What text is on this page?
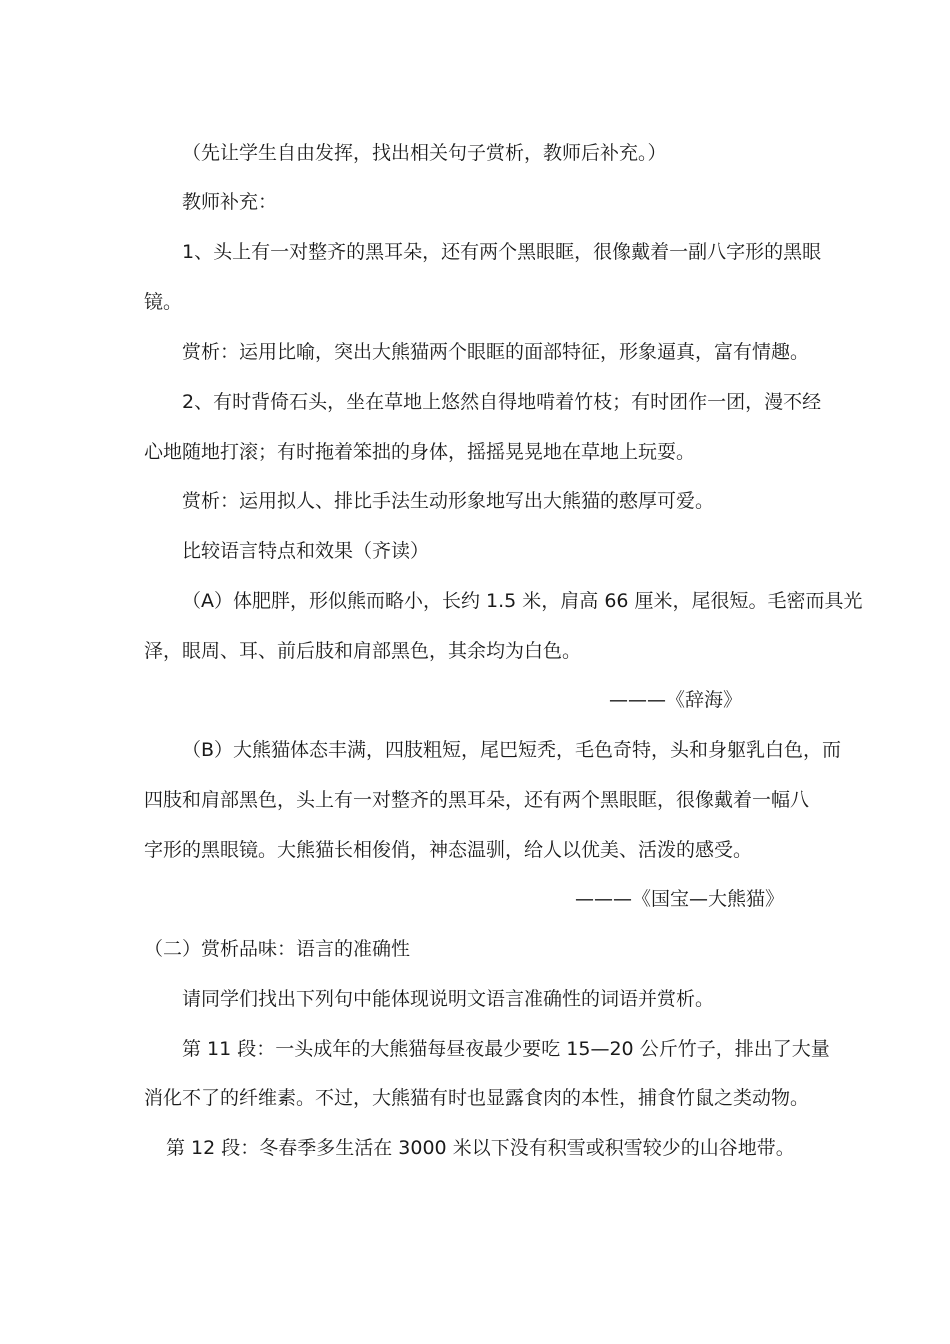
（先让学生自由发挥，找出相关句子赏析，教师后补充。）
教师补充：
1、头上有一对整齐的黑耳朵，还有两个黑眼眶，很像戴着一副八字形的黑眼
镜。
赏析：运用比喻，突出大熊猫两个眼眶的面部特征，形象逼真，富有情趣。
2、有时背倚石头，坐在草地上悠然自得地啃着竹枝；有时团作一团，漫不经
心地随地打滚；有时拖着笨拙的身体，摇摇晃晃地在草地上玩耍。
赏析：运用拟人、排比手法生动形象地写出大熊猫的憨厚可爱。
比较语言特点和效果（齐读）
（A）体肥胖，形似熊而略小，长约 1.5 米，肩高 66 厘米，尾很短。毛密而具光
泽，眼周、耳、前后肢和肩部黑色，其余均为白色。
———《辞海》
（B）大熊猫体态丰满，四肢粗短，尾巴短秃，毛色奇特，头和身躯乳白色，而
四肢和肩部黑色，头上有一对整齐的黑耳朵，还有两个黑眼眶，很像戴着一幅八
字形的黑眼镜。大熊猫长相俊俏，神态温驯，给人以优美、活泼的感受。
———《国宝—大熊猫》
（二）赏析品味：语言的准确性
请同学们找出下列句中能体现说明文语言准确性的词语并赏析。
第 11 段：一头成年的大熊猫每昼夜最少要吃 15—20 公斤竹子，排出了大量
消化不了的纤维素。不过，大熊猫有时也显露食肉的本性，捕食竹鼠之类动物。
第 12 段：冬春季多生活在 3000 米以下没有积雪或积雪较少的山谷地带。
